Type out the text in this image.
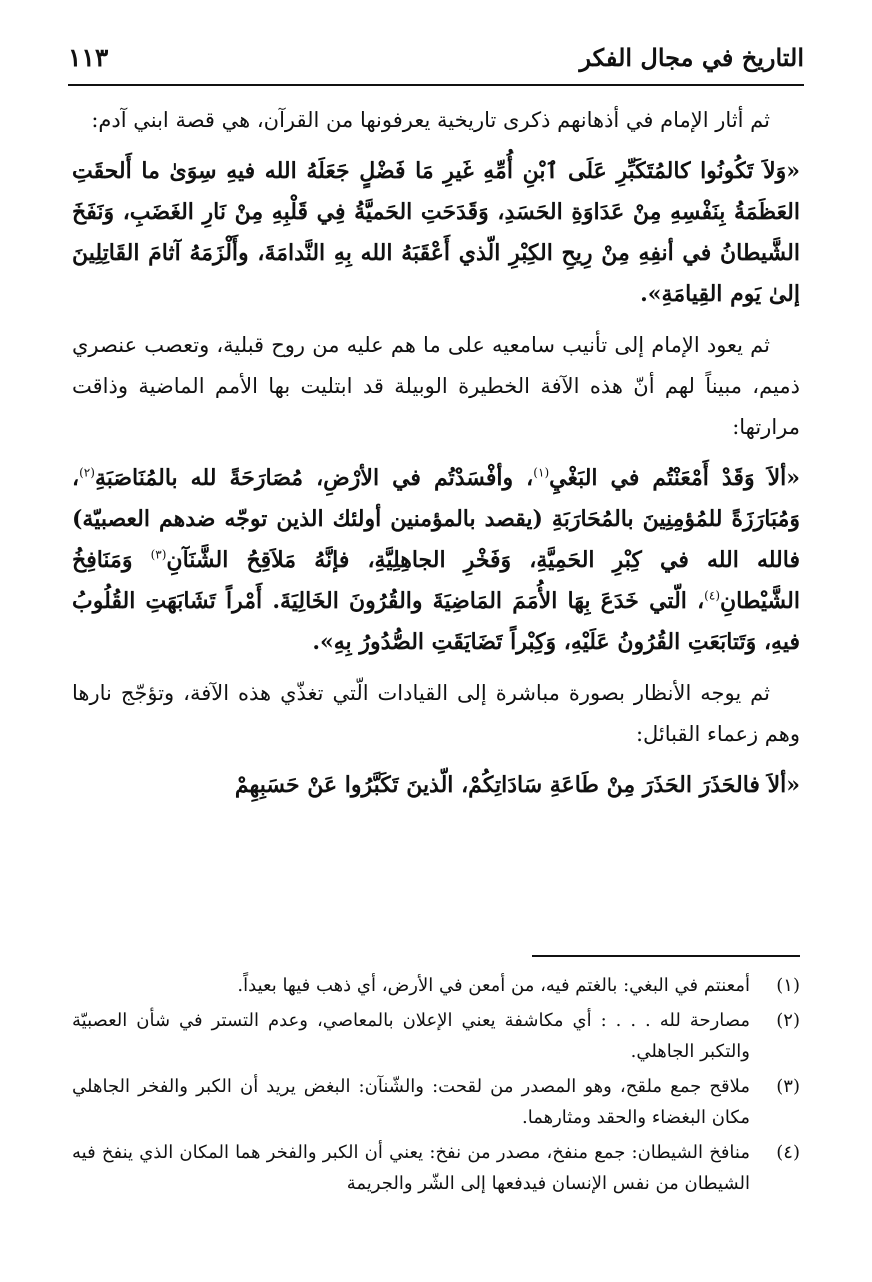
١١٣	التاريخ في مجال الفكر

ثم أثار الإمام في أذهانهم ذكرى تاريخية يعرفونها من القرآن، هي قصة ابني آدم:

«وَلاَ تَكُونُوا كالمُتَكَبِّرِ عَلَى ٱبْنِ أُمِّهِ غَيرِ مَا فَضْلٍ جَعَلَهُ الله فيهِ سِوَىٰ ما أَلحقَتِ العَظَمَةُ بِنَفْسِهِ مِنْ عَدَاوَةِ الحَسَدِ، وَقَدَحَتِ الحَميَّةُ فِي قَلْبِهِ مِنْ نَارِ الغَضَبِ، وَنَفَخَ الشَّيطانُ في أنفِهِ مِنْ رِيحِ الكِبْرِ الّذي أَعْقَبَهُ الله بِهِ النَّدامَةَ، وأَلْزَمَهُ آثامَ القَاتِلِينَ إلىٰ يَوم القِيامَةِ».

ثم يعود الإمام إلى تأنيب سامعيه على ما هم عليه من روح قبلية، وتعصب عنصري ذميم، مبيناً لهم أنّ هذه الآفة الخطيرة الوبيلة قد ابتليت بها الأمم الماضية وذاقت مرارتها:

«ألاَ وَقَدْ أَمْعَنْتُم في البَغْيِ$^{(١)}$، وأفْسَدْتُم في الأرْضِ، مُصَارَحَةً لله بالمُنَاصَبَةِ$^{(٢)}$، وَمُبَارَزَةً للمُؤمِنِينَ بالمُحَارَبَةِ (يقصد بالمؤمنين أولئك الذين توجّه ضدهم العصبيّة) فالله الله في كِبْرِ الحَمِيَّةِ، وَفَخْرِ الجاهِلِيَّةِ، فإنَّهُ مَلاَقِحُ الشَّنَآنِ$^{(٣)}$ وَمَنَافِخُ الشَّيْطانِ$^{(٤)}$، الّتي خَدَعَ بِهَا الأُمَمَ المَاضِيَةَ والقُرُونَ الخَالِيَةَ. أَمْراً تَشَابَهَتِ القُلُوبُ فيهِ، وَتَتابَعَتِ القُرُونُ عَلَيْهِ، وَكِبْراً تَضَايَقَتِ الصُّدُورُ بِهِ».

ثم يوجه الأنظار بصورة مباشرة إلى القيادات الّتي تغذّي هذه الآفة، وتؤجّج نارها وهم زعماء القبائل:

«ألاَ فالحَذَرَ الحَذَرَ مِنْ طَاعَةِ سَادَاتِكُمْ، الّذينَ تَكَبَّرُوا عَنْ حَسَبِهِمْ

(١)
أمعنتم في البغي: بالغتم فيه، من أمعن في الأرض، أي ذهب فيها بعيداً.
(٢)
مصارحة لله . . . : أي مكاشفة يعني الإعلان بالمعاصي، وعدم التستر في شأن العصبيّة والتكبر الجاهلي.
(٣)
ملاقح جمع ملقح، وهو المصدر من لقحت: والشّنآن: البغض يريد أن الكبر والفخر الجاهلي مكان البغضاء والحقد ومثارهما.
(٤)
منافخ الشيطان: جمع منفخ، مصدر من نفخ: يعني أن الكبر والفخر هما المكان الذي ينفخ فيه الشيطان من نفس الإنسان فيدفعها إلى الشّر والجريمة
